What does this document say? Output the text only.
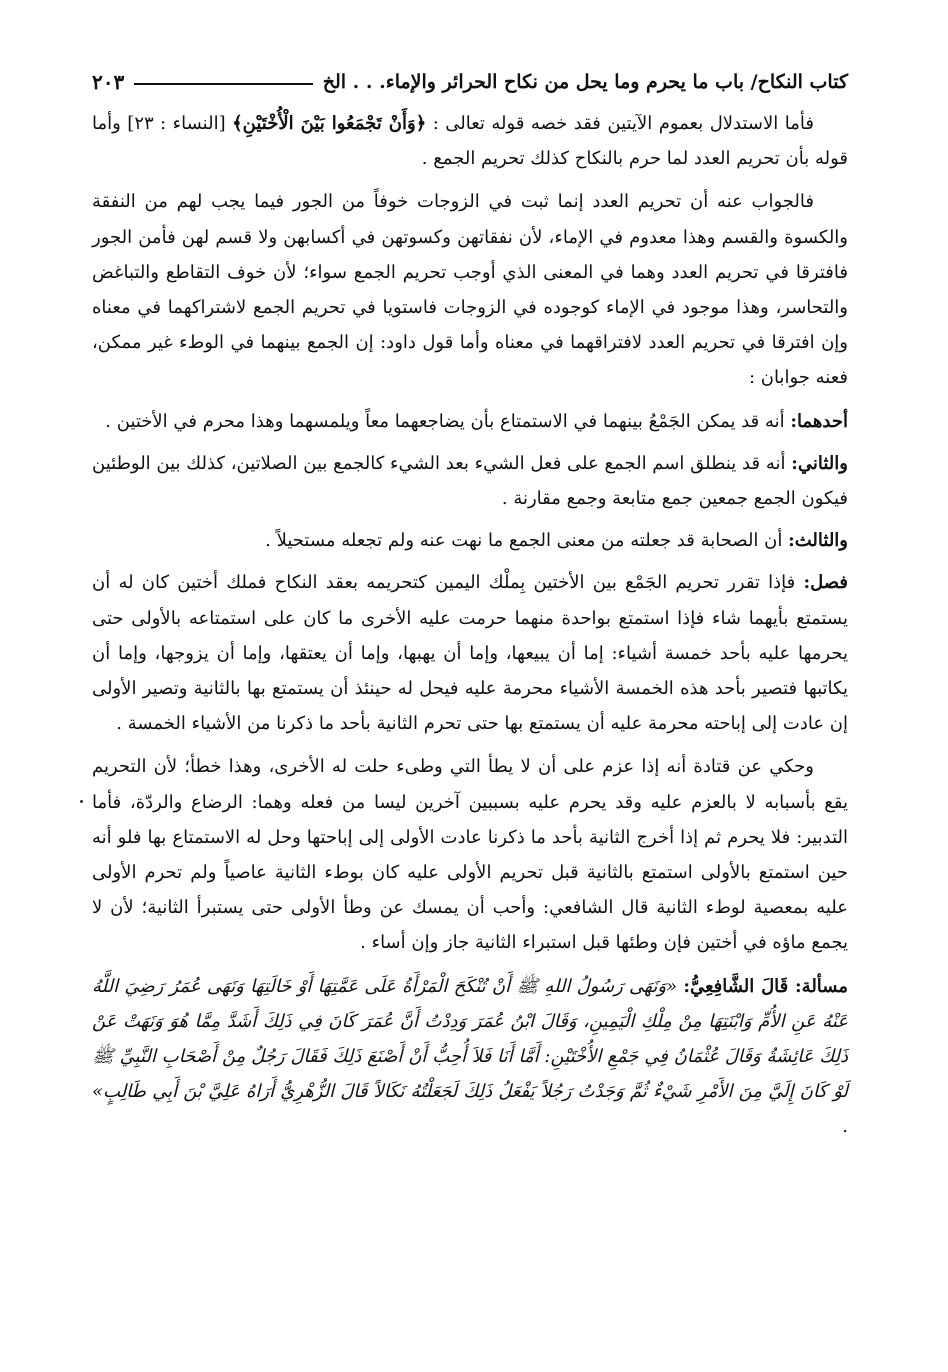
كتاب النكاح/ باب ما يحرم وما يحل من نكاح الحرائر والإماء. . . الخ
٢٠٣

فأما الاستدلال بعموم الآيتين فقد خصه قوله تعالى : ﴿وَأَنْ تَجْمَعُوا بَيْنَ الْأُخْتَيْنِ﴾ [النساء : ٢٣] وأما قوله بأن تحريم العدد لما حرم بالنكاح كذلك تحريم الجمع .

فالجواب عنه أن تحريم العدد إنما ثبت في الزوجات خوفاً من الجور فيما يجب لهم من النفقة والكسوة والقسم وهذا معدوم في الإماء، لأن نفقاتهن وكسوتهن في أكسابهن ولا قسم لهن فأمن الجور فافترقا في تحريم العدد وهما في المعنى الذي أوجب تحريم الجمع سواء؛ لأن خوف التقاطع والتباغض والتحاسر، وهذا موجود في الإماء كوجوده في الزوجات فاستويا في تحريم الجمع لاشتراكهما في معناه وإن افترقا في تحريم العدد لافتراقهما في معناه وأما قول داود: إن الجمع بينهما في الوطء غير ممكن، فعنه جوابان :

أحدهما: أنه قد يمكن الجَمْعُ بينهما في الاستمتاع بأن يضاجعهما معاً ويلمسهما وهذا محرم في الأختين .

والثاني: أنه قد ينطلق اسم الجمع على فعل الشيء بعد الشيء كالجمع بين الصلاتين، كذلك بين الوطئين فيكون الجمع جمعين جمع متابعة وجمع مقارنة .

والثالث: أن الصحابة قد جعلته من معنى الجمع ما نهت عنه ولم تجعله مستحيلاً .

فصل: فإذا تقرر تحريم الجَمْع بين الأختين بِملْك اليمين كتحريمه بعقد النكاح فملك أختين كان له أن يستمتع بأيهما شاء فإذا استمتع بواحدة منهما حرمت عليه الأخرى ما كان على استمتاعه بالأولى حتى يحرمها عليه بأحد خمسة أشياء: إما أن يبيعها، وإما أن يهبها، وإما أن يعتقها، وإما أن يزوجها، وإما أن يكاتبها فتصير بأحد هذه الخمسة الأشياء محرمة عليه فيحل له حينئذ أن يستمتع بها بالثانية وتصير الأولى إن عادت إلى إباحته محرمة عليه أن يستمتع بها حتى تحرم الثانية بأحد ما ذكرنا من الأشياء الخمسة .

وحكي عن قتادة أنه إذا عزم على أن لا يطأ التي وطىء حلت له الأخرى، وهذا خطأ؛ لأن التحريم يقع بأسبابه لا بالعزم عليه وقد يحرم عليه بسببين آخرين ليسا من فعله وهما: الرضاع والردّة، فأما التدبير: فلا يحرم ثم إذا أخرج الثانية بأحد ما ذكرنا عادت الأولى إلى إباحتها وحل له الاستمتاع بها فلو أنه حين استمتع بالأولى استمتع بالثانية قبل تحريم الأولى عليه كان بوطء الثانية عاصياً ولم تحرم الأولى عليه بمعصية لوطء الثانية قال الشافعي: وأحب أن يمسك عن وطأ الأولى حتى يستبرأ الثانية؛ لأن لا يجمع ماؤه في أختين فإن وطئها قبل استبراء الثانية جاز وإن أساء .

مسألة: قَالَ الشَّافِعِيُّ: «وَنَهَى رَسُولُ اللهِ ﷺ أَنْ تُنْكَحَ الْمَرْأَةُ عَلَى عَمَّتِهَا أَوْ خَالَتِهَا وَنَهَى عُمَرُ رَضِيَ اللَّهُ عَنْهُ عَنِ الأُمِّ وَابْنَتِهَا مِنْ مِلْكِ الْيَمِينِ، وَقَالَ ابْنُ عُمَرَ وَدِدْتُ أَنَّ عُمَرَ كَانَ فِي ذَلِكَ أَشَدَّ مِمَّا هُوَ وَنَهَتْ عَنْ ذَلِكَ عَائِشَةُ وَقَالَ عُثْمَانُ فِي جَمْعِ الأُخْتَيْنِ: أَمَّا أَنَا فَلاَ أُحِبُّ أَنْ أَصْنَعَ ذَلِكَ فَقَالَ رَجُلٌ مِنْ أَصْحَابِ النَّبِيِّ ﷺ لَوْ كَانَ إِلَيَّ مِنَ الأَمْرِ شَيْءٌ ثُمَّ وَجَدْتُ رَجُلاً يَفْعَلُ ذَلِكَ لَجَعَلْتُهُ نَكَالاً قَالَ الزُّهْرِيُّ أَرَاهُ عَلِيَّ بْنَ أَبِي طَالِبٍ» .
